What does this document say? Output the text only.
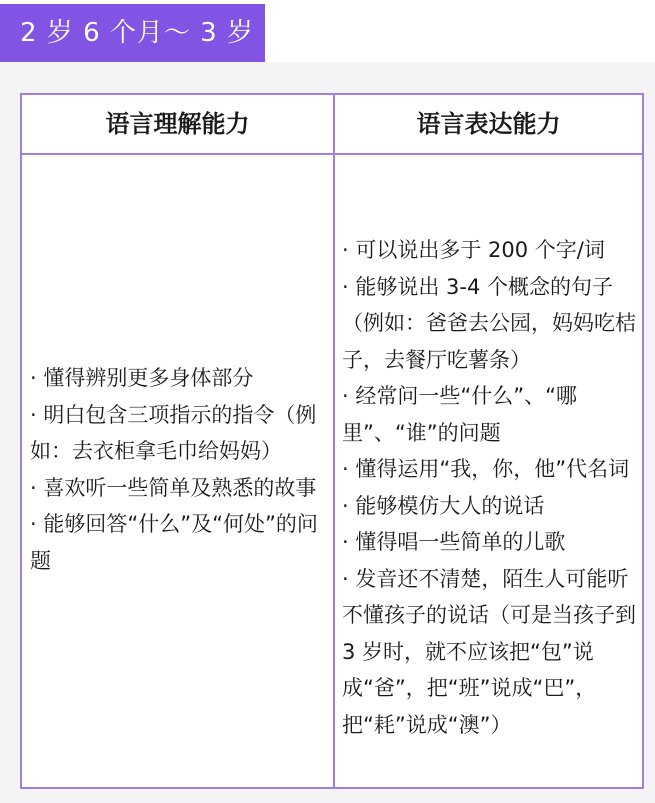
2 岁 6 个月～ 3 岁
语言理解能力	语言表达能力

· 懂得辨别更多身体部分

· 明白包含三项指示的指令（例如：去衣柜拿毛巾给妈妈）

· 喜欢听一些简单及熟悉的故事

· 能够回答“什么”及“何处”的问题

· 可以说出多于 200 个字/词

· 能够说出 3-4 个概念的句子（例如：爸爸去公园，妈妈吃桔子，去餐厅吃薯条）

· 经常问一些“什么”、“哪里”、“谁”的问题

· 懂得运用“我，你，他”代名词

· 能够模仿大人的说话

· 懂得唱一些简单的儿歌

· 发音还不清楚，陌生人可能听不懂孩子的说话（可是当孩子到 3 岁时，就不应该把“包”说成“爸”，把“班”说成“巴”，把“耗”说成“澳”）
